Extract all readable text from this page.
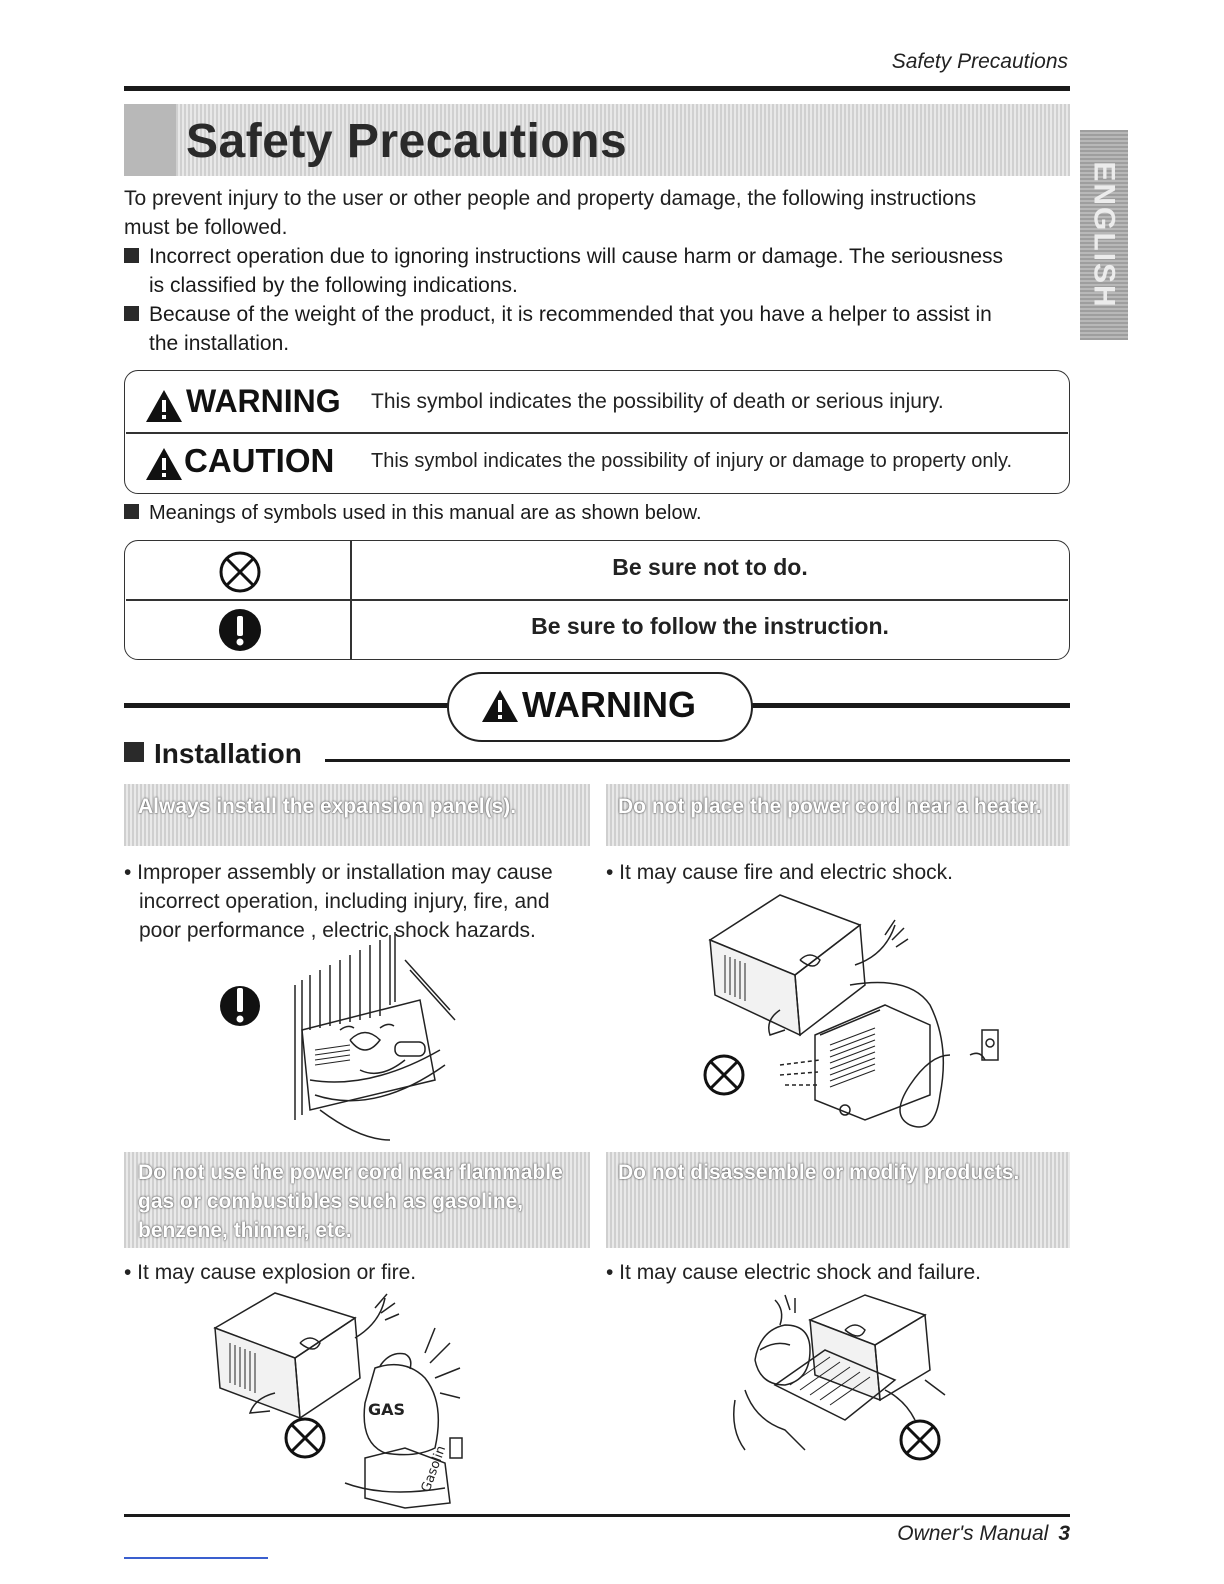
Safety Precautions
Safety Precautions
ENGLISH
To prevent injury to the user or other people and property damage, the following instructions
must be followed.
Incorrect operation due to ignoring instructions will cause harm or damage. The seriousness
is classified by the following indications.
Because of the weight of the product, it is recommended that you have a helper to assist in
the installation.
WARNING This symbol indicates the possibility of death or serious injury.
CAUTION This symbol indicates the possibility of injury or damage to property only.
Meanings of symbols used in this manual are as shown below.
Be sure not to do.
Be sure to follow the instruction.
WARNING
Installation
Always install the expansion panel(s).
• Improper assembly or installation may cause
incorrect operation, including injury, fire, and
poor performance , electric shock hazards.
Do not place the power cord near a heater.
• It may cause fire and electric shock.
Do not use the power cord near flammable
gas or combustibles such as gasoline,
benzene, thinner, etc.
• It may cause explosion or fire.
GAS
Gasolin
Do not disassemble or modify products.
• It may cause electric shock and failure.
Owner's Manual 3
